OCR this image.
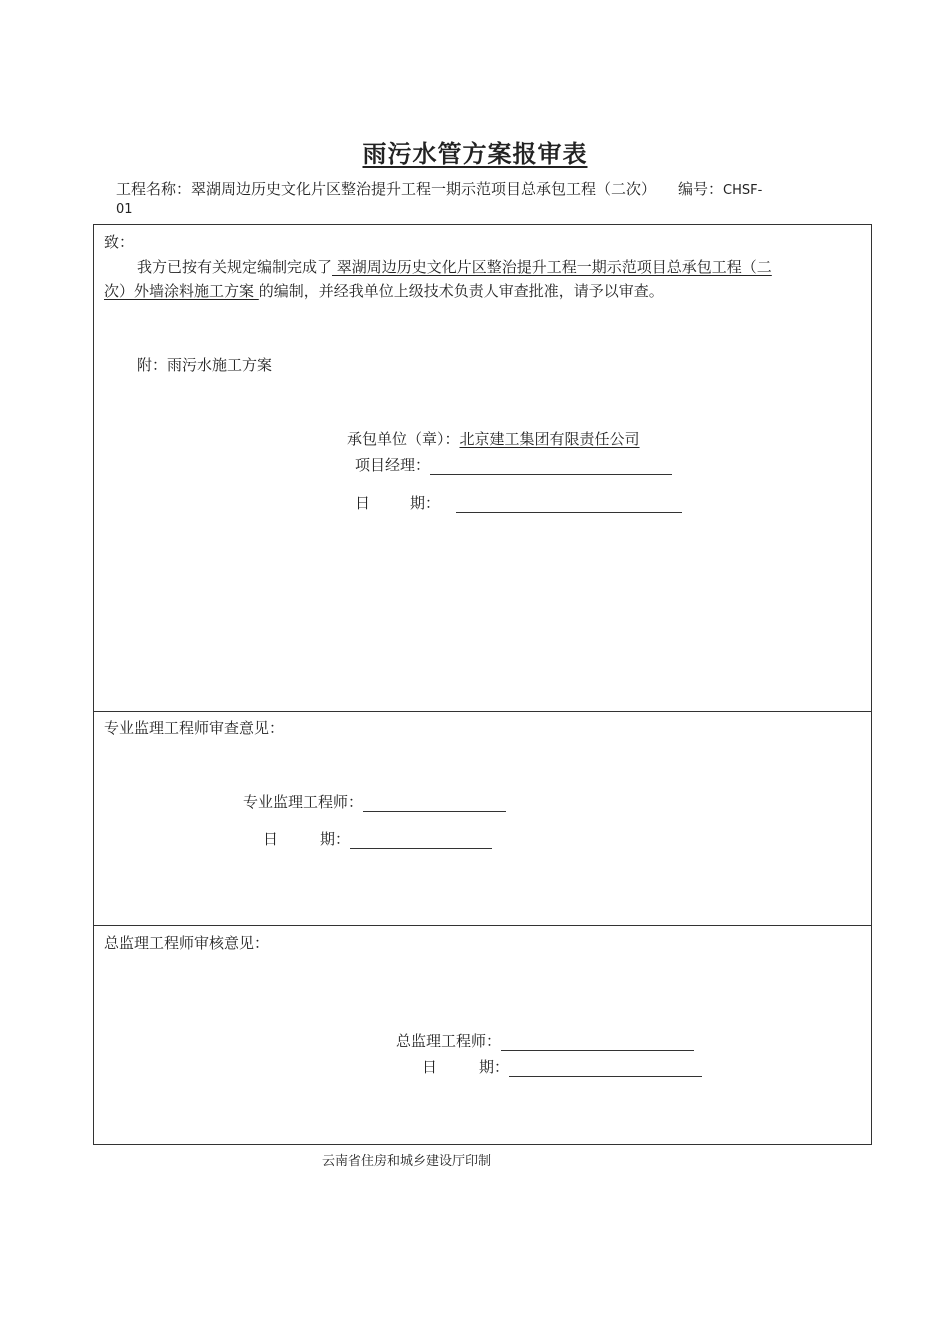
雨污水管方案报审表
工程名称：翠湖周边历史文化片区整治提升工程一期示范项目总承包工程（二次） 编号：CHSF-
01
致：
我方已按有关规定编制完成了 翠湖周边历史文化片区整治提升工程一期示范项目总承包工程（二
次）外墙涂料施工方案 的编制，并经我单位上级技术负责人审查批准，请予以审查。
附：雨污水施工方案
承包单位（章）：北京建工集团有限责任公司
项目经理：
日	期：
专业监理工程师审查意见：
专业监理工程师：
日	期：
总监理工程师审核意见：
总监理工程师：
日	期：
云南省住房和城乡建设厅印制
